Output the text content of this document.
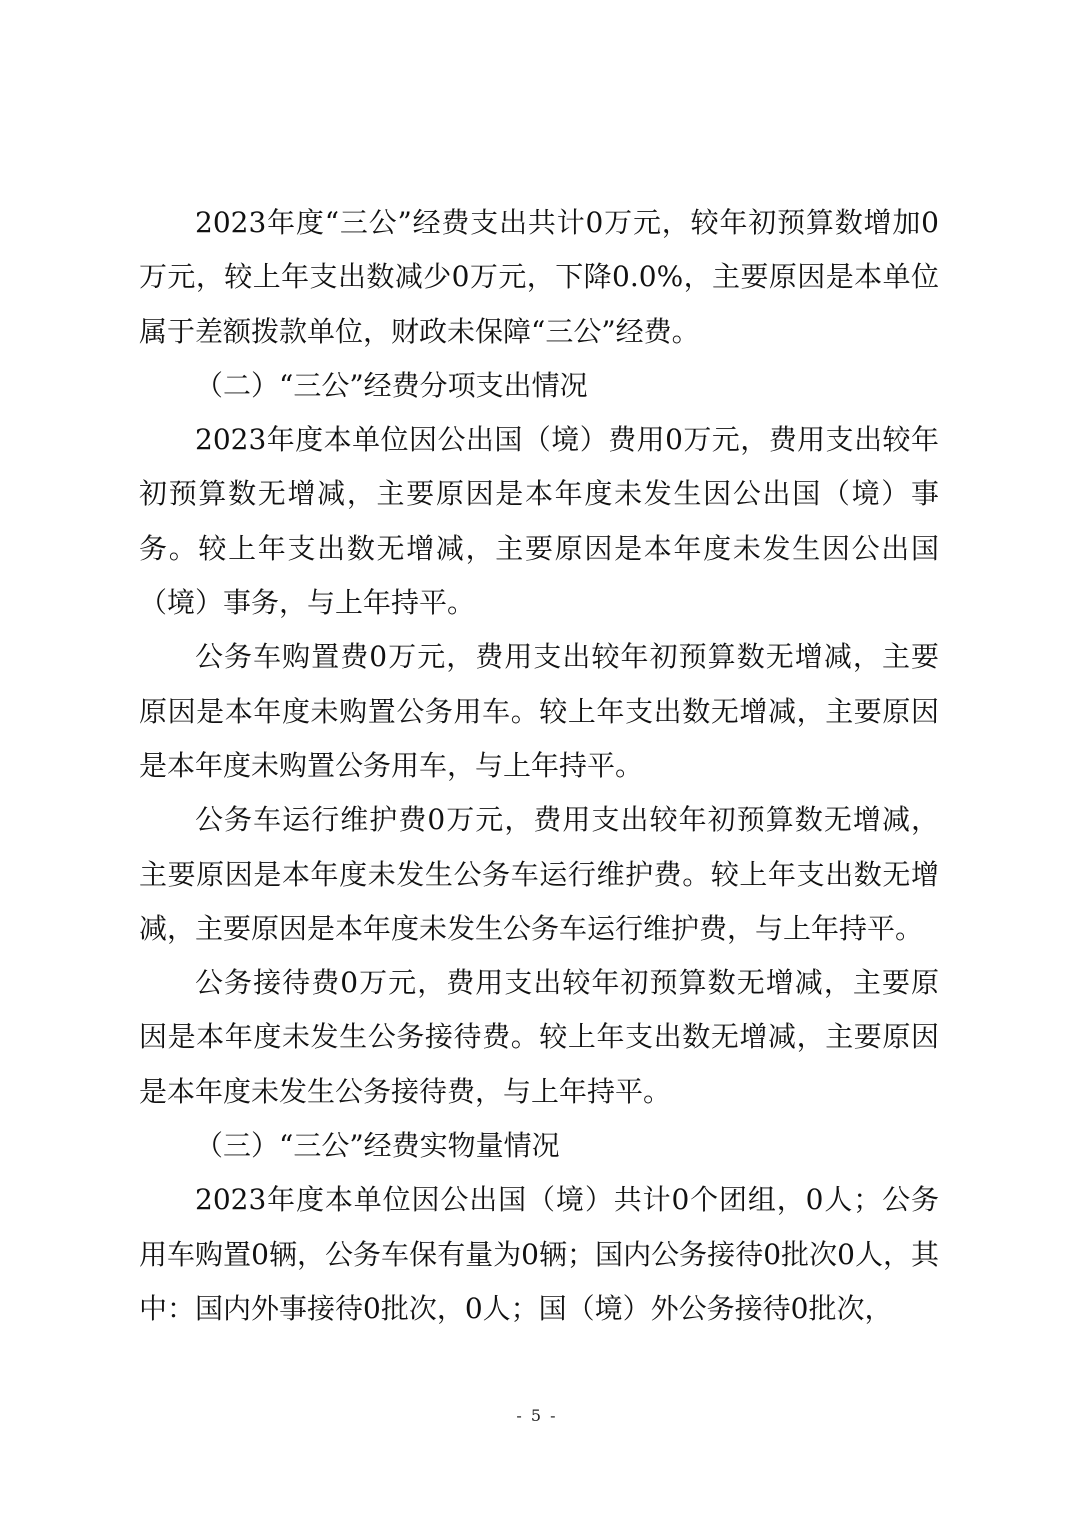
2023年度“三公”经费支出共计0万元，较年初预算数增加0万元，较上年支出数减少0万元，下降0.0%，主要原因是本单位属于差额拨款单位，财政未保障“三公”经费。

（二）“三公”经费分项支出情况

2023年度本单位因公出国（境）费用0万元，费用支出较年初预算数无增减，主要原因是本年度未发生因公出国（境）事务。较上年支出数无增减，主要原因是本年度未发生因公出国（境）事务，与上年持平。

公务车购置费0万元，费用支出较年初预算数无增减，主要原因是本年度未购置公务用车。较上年支出数无增减，主要原因是本年度未购置公务用车，与上年持平。

公务车运行维护费0万元，费用支出较年初预算数无增减，主要原因是本年度未发生公务车运行维护费。较上年支出数无增减，主要原因是本年度未发生公务车运行维护费，与上年持平。

公务接待费0万元，费用支出较年初预算数无增减，主要原因是本年度未发生公务接待费。较上年支出数无增减，主要原因是本年度未发生公务接待费，与上年持平。

（三）“三公”经费实物量情况

2023年度本单位因公出国（境）共计0个团组，0人；公务用车购置0辆，公务车保有量为0辆；国内公务接待0批次0人，其中：国内外事接待0批次，0人；国（境）外公务接待0批次，

- 5 -
